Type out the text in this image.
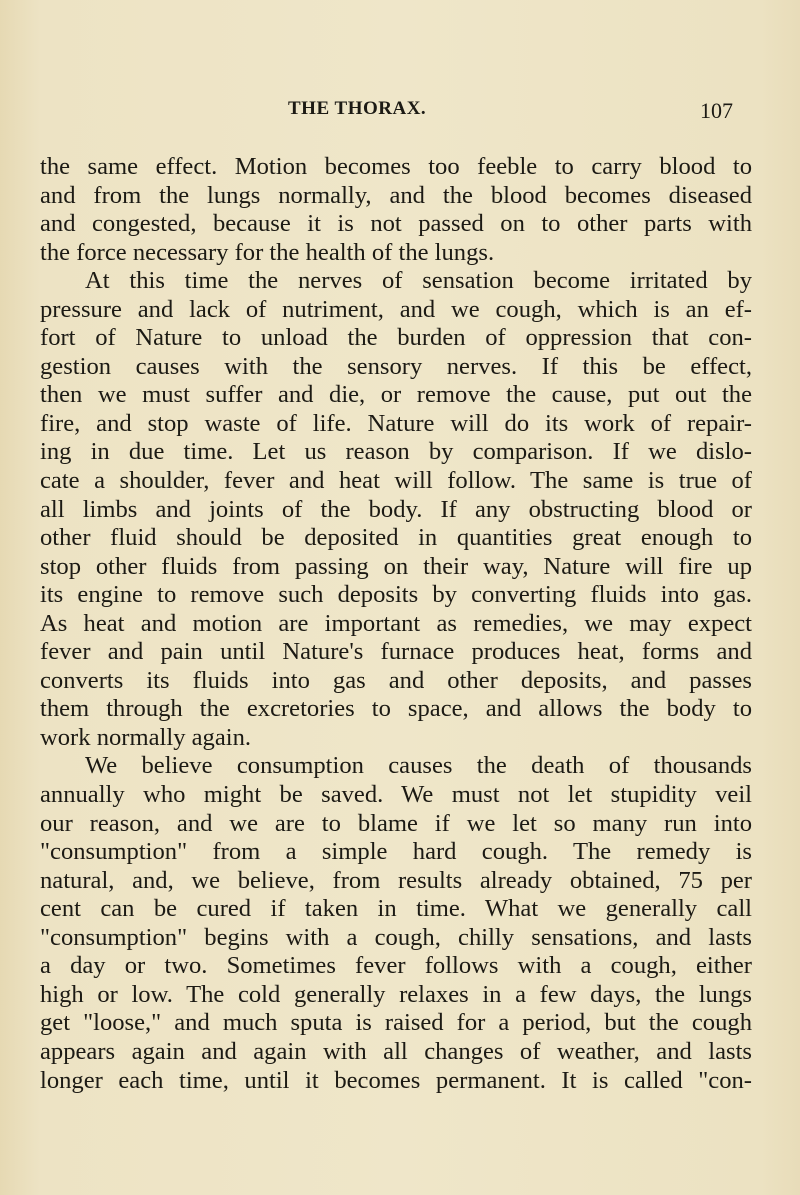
THE THORAX.	107
the same effect. Motion becomes too feeble to carry blood to
and from the lungs normally, and the blood becomes diseased
and congested, because it is not passed on to other parts with
the force necessary for the health of the lungs.
At this time the nerves of sensation become irritated by
pressure and lack of nutriment, and we cough, which is an ef-
fort of Nature to unload the burden of oppression that con-
gestion causes with the sensory nerves. If this be effect,
then we must suffer and die, or remove the cause, put out the
fire, and stop waste of life. Nature will do its work of repair-
ing in due time. Let us reason by comparison. If we dislo-
cate a shoulder, fever and heat will follow. The same is true of
all limbs and joints of the body. If any obstructing blood or
other fluid should be deposited in quantities great enough to
stop other fluids from passing on their way, Nature will fire up
its engine to remove such deposits by converting fluids into gas.
As heat and motion are important as remedies, we may expect
fever and pain until Nature's furnace produces heat, forms and
converts its fluids into gas and other deposits, and passes
them through the excretories to space, and allows the body to
work normally again.
We believe consumption causes the death of thousands
annually who might be saved. We must not let stupidity veil
our reason, and we are to blame if we let so many run into
"consumption" from a simple hard cough. The remedy is
natural, and, we believe, from results already obtained, 75 per
cent can be cured if taken in time. What we generally call
"consumption" begins with a cough, chilly sensations, and lasts
a day or two. Sometimes fever follows with a cough, either
high or low. The cold generally relaxes in a few days, the lungs
get "loose," and much sputa is raised for a period, but the cough
appears again and again with all changes of weather, and lasts
longer each time, until it becomes permanent. It is called "con-
